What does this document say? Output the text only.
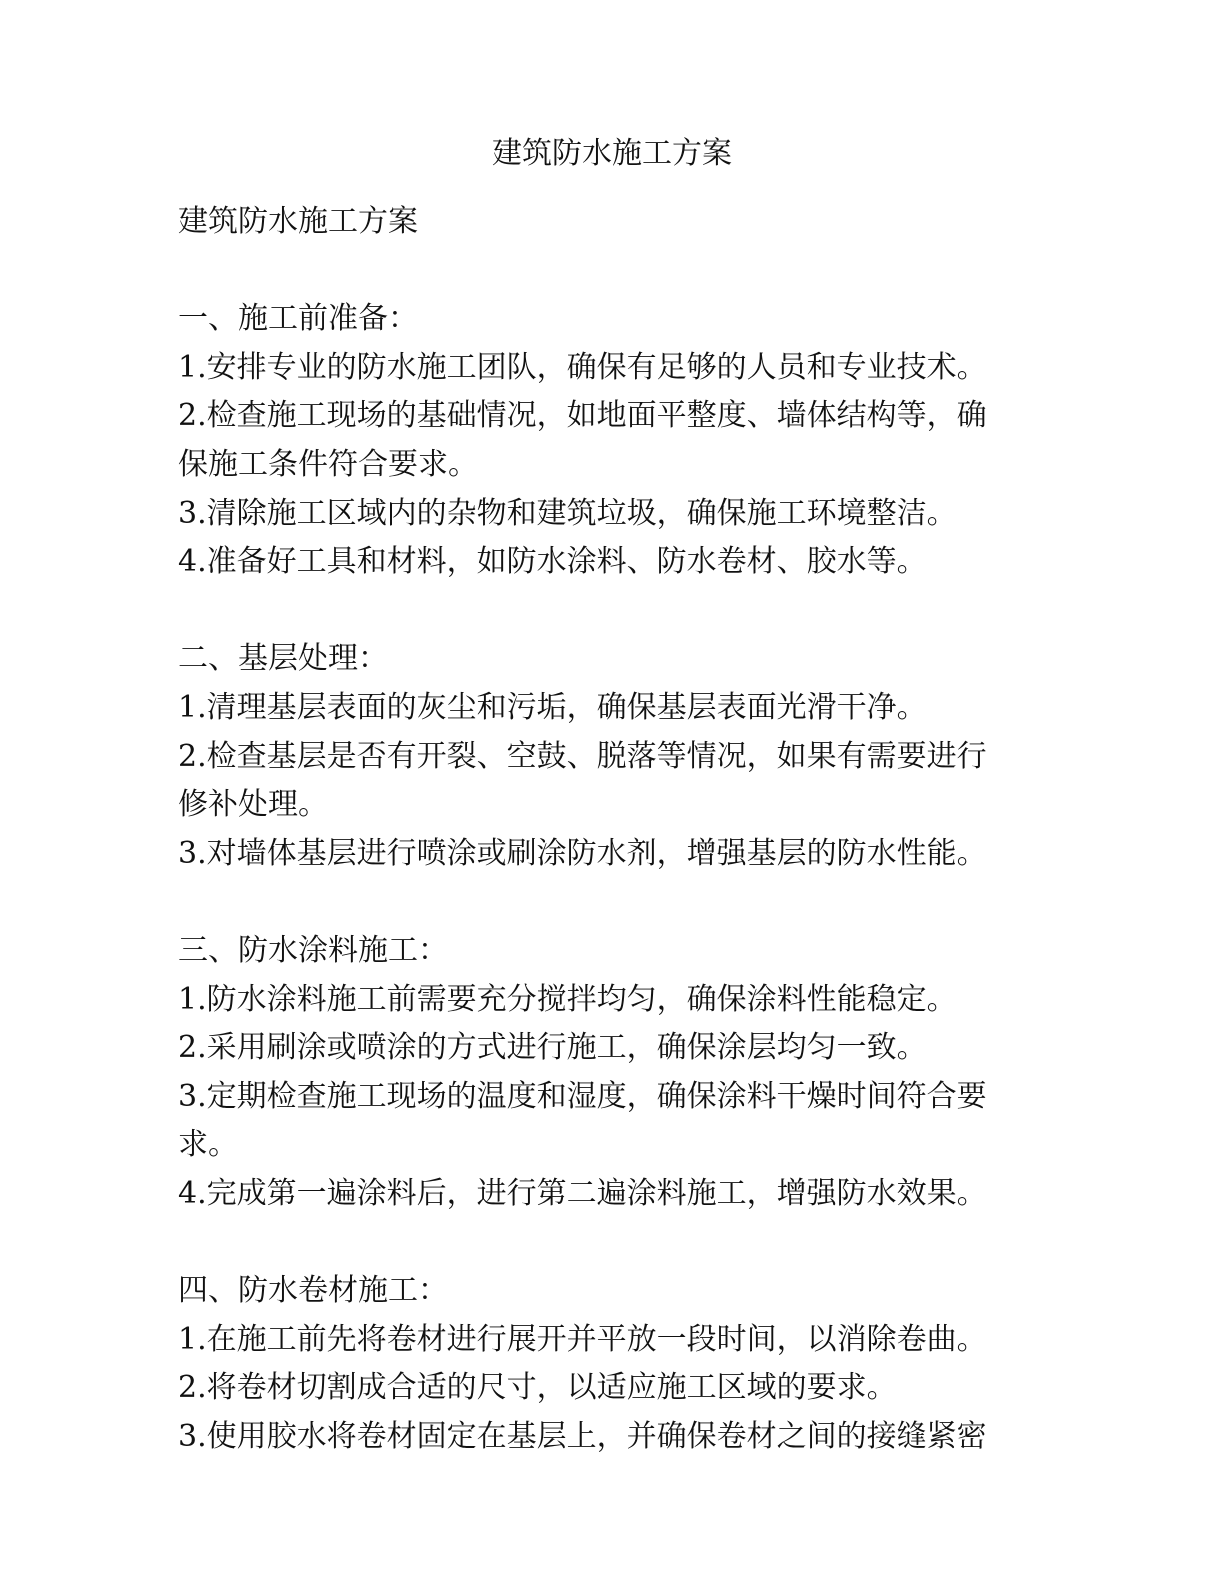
建筑防水施工方案
建筑防水施工方案
一、施工前准备：
1.安排专业的防水施工团队，确保有足够的人员和专业技术。
2.检查施工现场的基础情况，如地面平整度、墙体结构等，确
保施工条件符合要求。
3.清除施工区域内的杂物和建筑垃圾，确保施工环境整洁。
4.准备好工具和材料，如防水涂料、防水卷材、胶水等。
二、基层处理：
1.清理基层表面的灰尘和污垢，确保基层表面光滑干净。
2.检查基层是否有开裂、空鼓、脱落等情况，如果有需要进行
修补处理。
3.对墙体基层进行喷涂或刷涂防水剂，增强基层的防水性能。
三、防水涂料施工：
1.防水涂料施工前需要充分搅拌均匀，确保涂料性能稳定。
2.采用刷涂或喷涂的方式进行施工，确保涂层均匀一致。
3.定期检查施工现场的温度和湿度，确保涂料干燥时间符合要
求。
4.完成第一遍涂料后，进行第二遍涂料施工，增强防水效果。
四、防水卷材施工：
1.在施工前先将卷材进行展开并平放一段时间，以消除卷曲。
2.将卷材切割成合适的尺寸，以适应施工区域的要求。
3.使用胶水将卷材固定在基层上，并确保卷材之间的接缝紧密
